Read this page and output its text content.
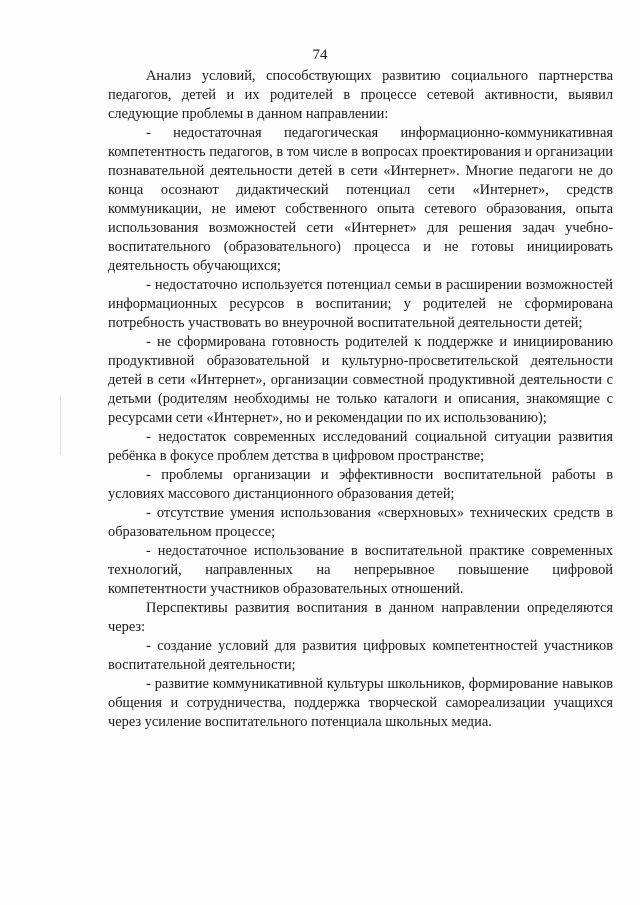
74

Анализ условий, способствующих развитию социального партнерства педагогов, детей и их родителей в процессе сетевой активности, выявил следующие проблемы в данном направлении:

- недостаточная педагогическая информационно-коммуникативная компетентность педагогов, в том числе в вопросах проектирования и организации познавательной деятельности детей в сети «Интернет». Многие педагоги не до конца осознают дидактический потенциал сети «Интернет», средств коммуникации, не имеют собственного опыта сетевого образования, опыта использования возможностей сети «Интернет» для решения задач учебно-воспитательного (образовательного) процесса и не готовы инициировать деятельность обучающихся;

- недостаточно используется потенциал семьи в расширении возможностей информационных ресурсов в воспитании; у родителей не сформирована потребность участвовать во внеурочной воспитательной деятельности детей;

- не сформирована готовность родителей к поддержке и инициированию продуктивной образовательной и культурно-просветительской деятельности детей в сети «Интернет», организации совместной продуктивной деятельности с детьми (родителям необходимы не только каталоги и описания, знакомящие с ресурсами сети «Интернет», но и рекомендации по их использованию);

- недостаток современных исследований социальной ситуации развития ребёнка в фокусе проблем детства в цифровом пространстве;

- проблемы организации и эффективности воспитательной работы в условиях массового дистанционного образования детей;

- отсутствие умения использования «сверхновых» технических средств в образовательном процессе;

- недостаточное использование в воспитательной практике современных технологий, направленных на непрерывное повышение цифровой компетентности участников образовательных отношений.

Перспективы развития воспитания в данном направлении определяются через:

- создание условий для развития цифровых компетентностей участников воспитательной деятельности;

- развитие коммуникативной культуры школьников, формирование навыков общения и сотрудничества, поддержка творческой самореализации учащихся через усиление воспитательного потенциала школьных медиа.
